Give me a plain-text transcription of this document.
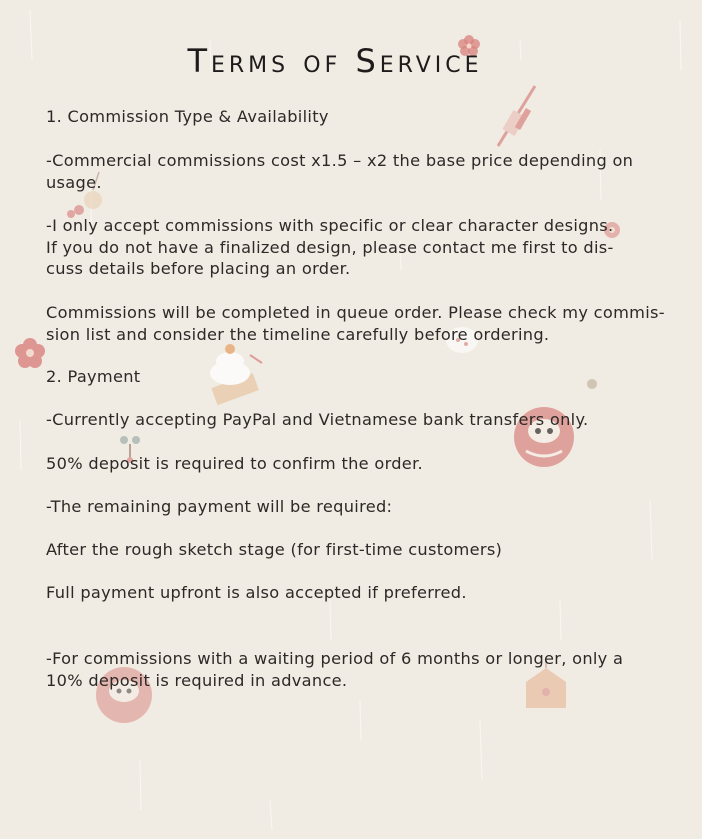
Terms of Service

1. Commission Type & Availability

-Commercial commissions cost x1.5 – x2 the base price depending on
usage.

-I only accept commissions with specific or clear character designs.
If you do not have a finalized design, please contact me first to dis-
cuss details before placing an order.

Commissions will be completed in queue order. Please check my commis-
sion list and consider the timeline carefully before ordering.

2. Payment

-Currently accepting PayPal and Vietnamese bank transfers only.

50% deposit is required to confirm the order.

-The remaining payment will be required:

After the rough sketch stage (for first-time customers)

Full payment upfront is also accepted if preferred.

-For commissions with a waiting period of 6 months or longer, only a
10% deposit is required in advance.
